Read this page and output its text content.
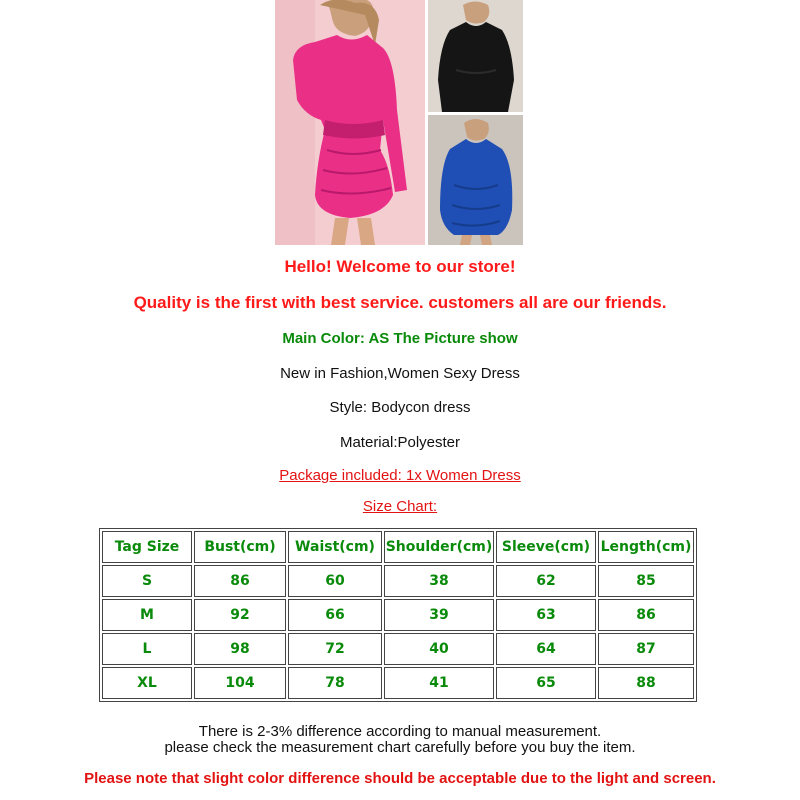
Hello! Welcome to our store!
Quality is the first with best service. customers all are our friends.
Main Color: AS The Picture show
New in Fashion,Women Sexy Dress
Style: Bodycon dress
Material:Polyester
Package included: 1x Women Dress
Size Chart:
Tag Size	Bust(cm)	Waist(cm)	Shoulder(cm)	Sleeve(cm)	Length(cm)
S	86	60	38	62	85
M	92	66	39	63	86
L	98	72	40	64	87
XL	104	78	41	65	88
There is 2-3% difference according to manual measurement.
please check the measurement chart carefully before you buy the item.
Please note that slight color difference should be acceptable due to the light and screen.
